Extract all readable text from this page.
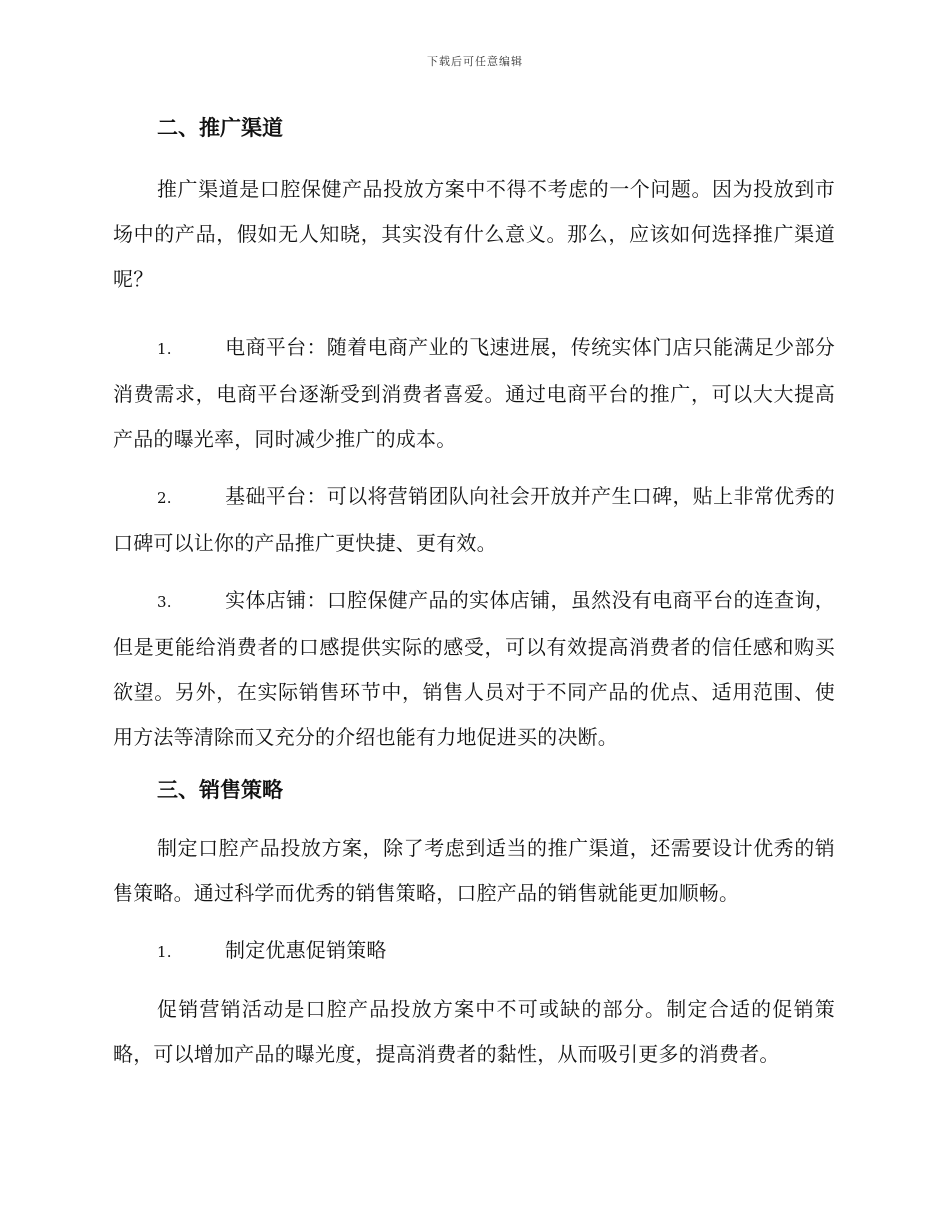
下载后可任意编辑
二、推广渠道

推广渠道是口腔保健产品投放方案中不得不考虑的一个问题。因为投放到市场中的产品，假如无人知晓，其实没有什么意义。那么，应该如何选择推广渠道呢？

1.	电商平台：随着电商产业的飞速进展，传统实体门店只能满足少部分消费需求，电商平台逐渐受到消费者喜爱。通过电商平台的推广，可以大大提高产品的曝光率，同时减少推广的成本。

2.	基础平台：可以将营销团队向社会开放并产生口碑，贴上非常优秀的口碑可以让你的产品推广更快捷、更有效。

3.	实体店铺：口腔保健产品的实体店铺，虽然没有电商平台的连查询，但是更能给消费者的口感提供实际的感受，可以有效提高消费者的信任感和购买欲望。另外，在实际销售环节中，销售人员对于不同产品的优点、适用范围、使用方法等清除而又充分的介绍也能有力地促进买的决断。

三、销售策略

制定口腔产品投放方案，除了考虑到适当的推广渠道，还需要设计优秀的销售策略。通过科学而优秀的销售策略，口腔产品的销售就能更加顺畅。

1.	制定优惠促销策略

促销营销活动是口腔产品投放方案中不可或缺的部分。制定合适的促销策略，可以增加产品的曝光度，提高消费者的黏性，从而吸引更多的消费者。
